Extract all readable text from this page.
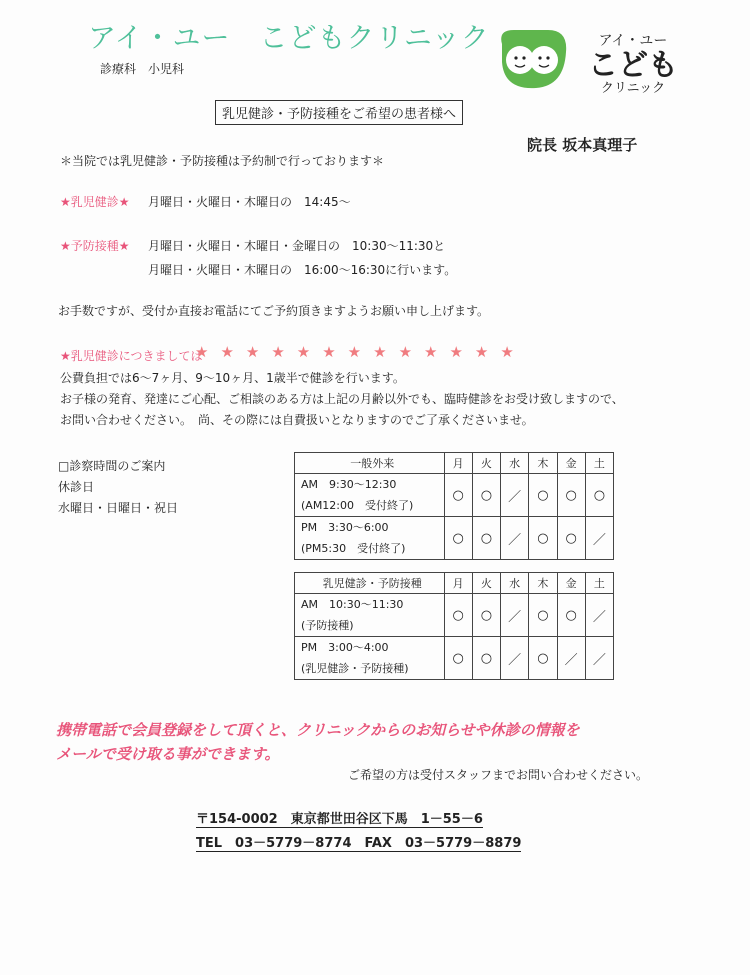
アイ・ユー　こどもクリニック
診療科　小児科
アイ・ユー
こども
クリニック
乳児健診・予防接種をご希望の患者様へ
院長 坂本真理子
＊当院では乳児健診・予防接種は予約制で行っております＊
★乳児健診★ 月曜日・火曜日・木曜日の　14:45～
★予防接種★ 月曜日・火曜日・木曜日・金曜日の　10:30～11:30と
月曜日・火曜日・木曜日の　16:00～16:30に行います。
お手数ですが、受付か直接お電話にてご予約頂きますようお願い申し上げます。
★乳児健診につきましては
★★★★★★★★★★★★★
公費負担では6～7ヶ月、9～10ヶ月、1歳半で健診を行います。
お子様の発育、発達にご心配、ご相談のある方は上記の月齢以外でも、臨時健診をお受け致しますので、
お問い合わせください。　尚、その際には自費扱いとなりますのでご了承くださいませ。
□診察時間のご案内
休診日
水曜日・日曜日・祝日
一般外来	月	火	水	木	金	土

AM　9:30～12:30
(AM12:00　受付終了)	○	○	／	○	○	○

PM　3:30～6:00
(PM5:30　受付終了)	○	○	／	○	○	／
乳児健診・予防接種	月	火	水	木	金	土

AM　10:30～11:30
(予防接種)	○	○	／	○	○	／

PM　3:00～4:00
(乳児健診・予防接種)	○	○	／	○	／	／
携帯電話で会員登録をして頂くと、クリニックからのお知らせや休診の情報を
メールで受け取る事ができます。
ご希望の方は受付スタッフまでお問い合わせください。
〒154-0002　東京都世田谷区下馬　1－55－6
TEL　03－5779－8774　FAX　03－5779－8879
